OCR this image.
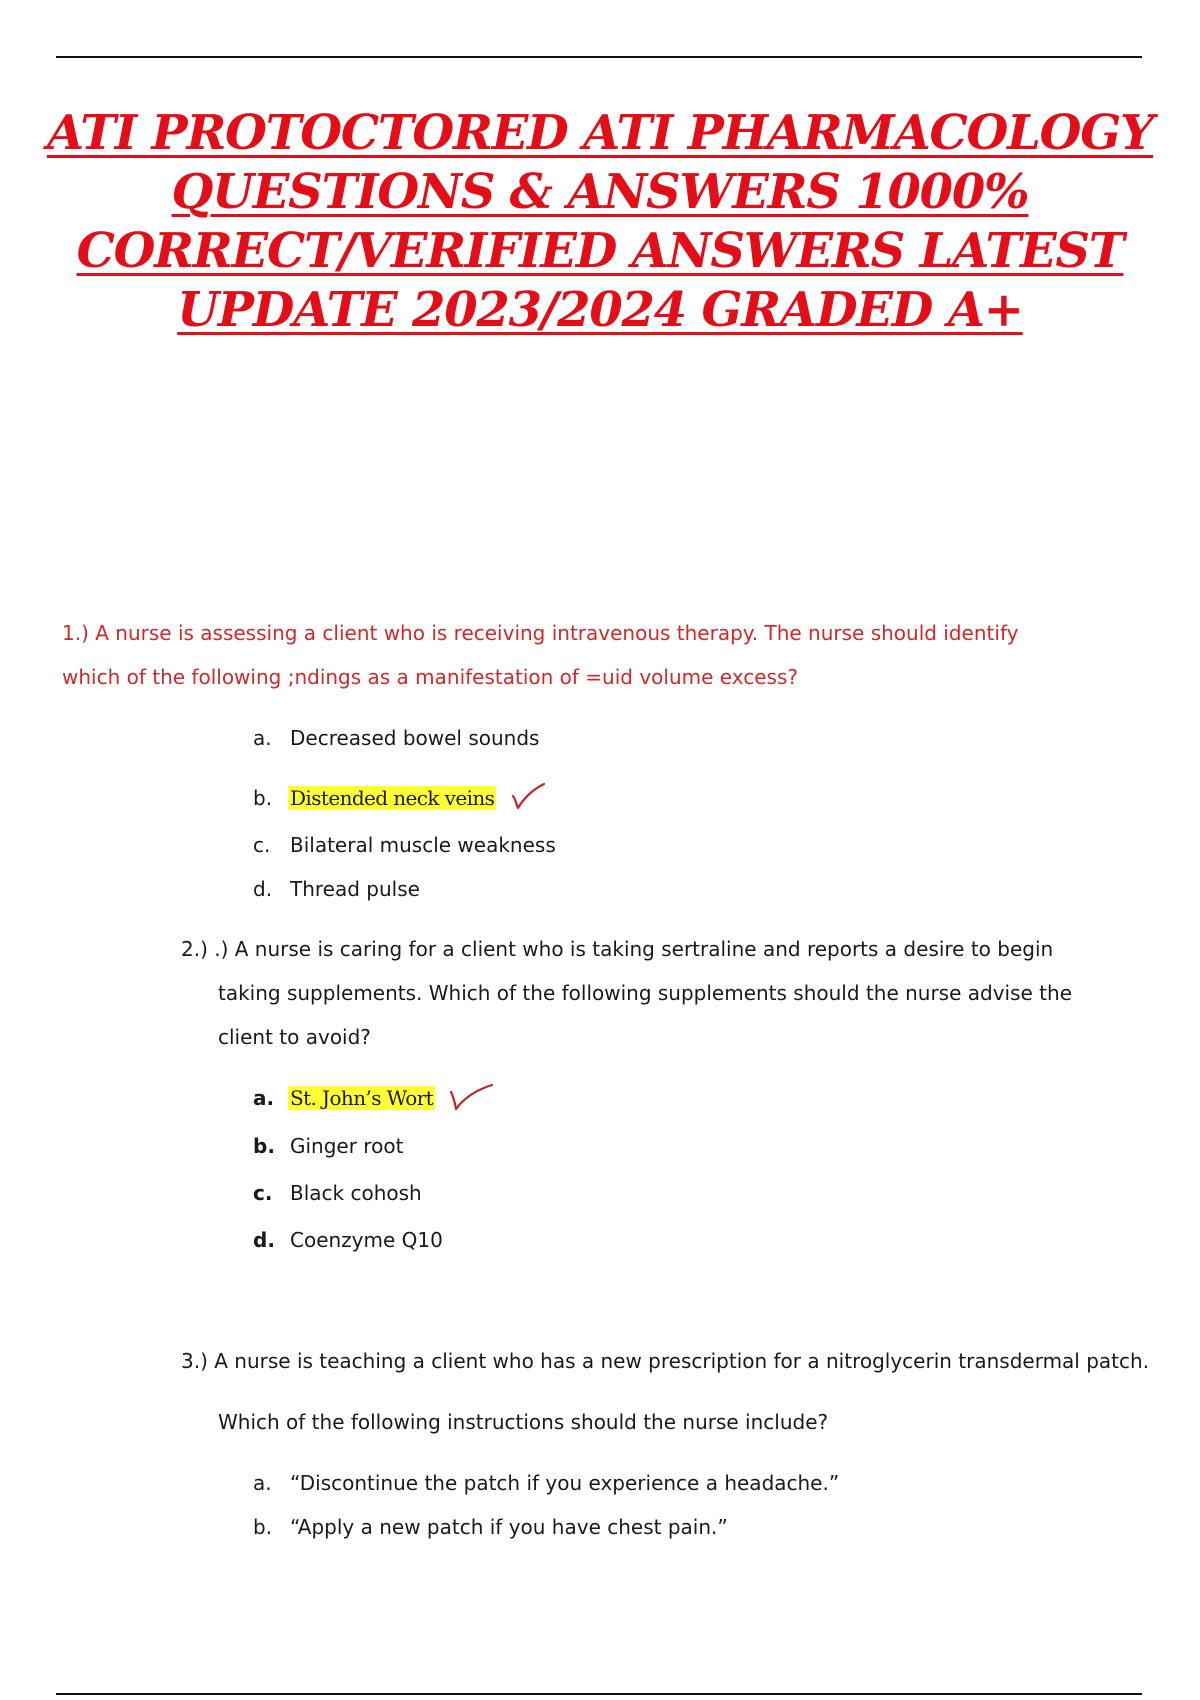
ATI PROTOCTORED ATI PHARMACOLOGY
QUESTIONS & ANSWERS 1000%
CORRECT/VERIFIED ANSWERS LATEST
UPDATE 2023/2024 GRADED A+
1.) A nurse is assessing a client who is receiving intravenous therapy. The nurse should identify
which of the following ;ndings as a manifestation of =uid volume excess?
a. Decreased bowel sounds
b. Distended neck veins
c. Bilateral muscle weakness
d. Thread pulse
2.) .) A nurse is caring for a client who is taking sertraline and reports a desire to begin
taking supplements. Which of the following supplements should the nurse advise the
client to avoid?
a. St. John’s Wort
b. Ginger root
c. Black cohosh
d. Coenzyme Q10
3.) A nurse is teaching a client who has a new prescription for a nitroglycerin transdermal patch.
Which of the following instructions should the nurse include?
a. “Discontinue the patch if you experience a headache.”
b. “Apply a new patch if you have chest pain.”
